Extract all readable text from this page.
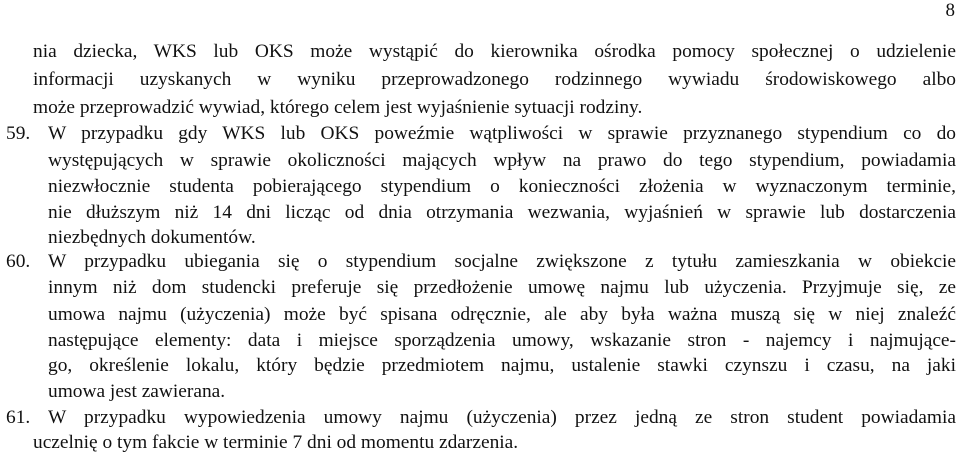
8
nia dziecka, WKS lub OKS może wystąpić do kierownika ośrodka pomocy społecznej o udzielenie
informacji uzyskanych w wyniku przeprowadzonego rodzinnego wywiadu środowiskowego albo
może przeprowadzić wywiad, którego celem jest wyjaśnienie sytuacji rodziny.
59. W przypadku gdy WKS lub OKS poweźmie wątpliwości w sprawie przyznanego stypendium co do
występujących w sprawie okoliczności mających wpływ na prawo do tego stypendium, powiadamia
niezwłocznie studenta pobierającego stypendium o konieczności złożenia w wyznaczonym terminie,
nie dłuższym niż 14 dni licząc od dnia otrzymania wezwania, wyjaśnień w sprawie lub dostarczenia
niezbędnych dokumentów.
60. W przypadku ubiegania się o stypendium socjalne zwiększone z tytułu zamieszkania w obiekcie
innym niż dom studencki preferuje się przedłożenie umowę najmu lub użyczenia. Przyjmuje się, ze
umowa najmu (użyczenia) może być spisana odręcznie, ale aby była ważna muszą się w niej znaleźć
następujące elementy: data i miejsce sporządzenia umowy, wskazanie stron - najemcy i najmujące-
go, określenie lokalu, który będzie przedmiotem najmu, ustalenie stawki czynszu i czasu, na jaki
umowa jest zawierana.
61. W przypadku wypowiedzenia umowy najmu (użyczenia) przez jedną ze stron student powiadamia
uczelnię o tym fakcie w terminie 7 dni od momentu zdarzenia.
